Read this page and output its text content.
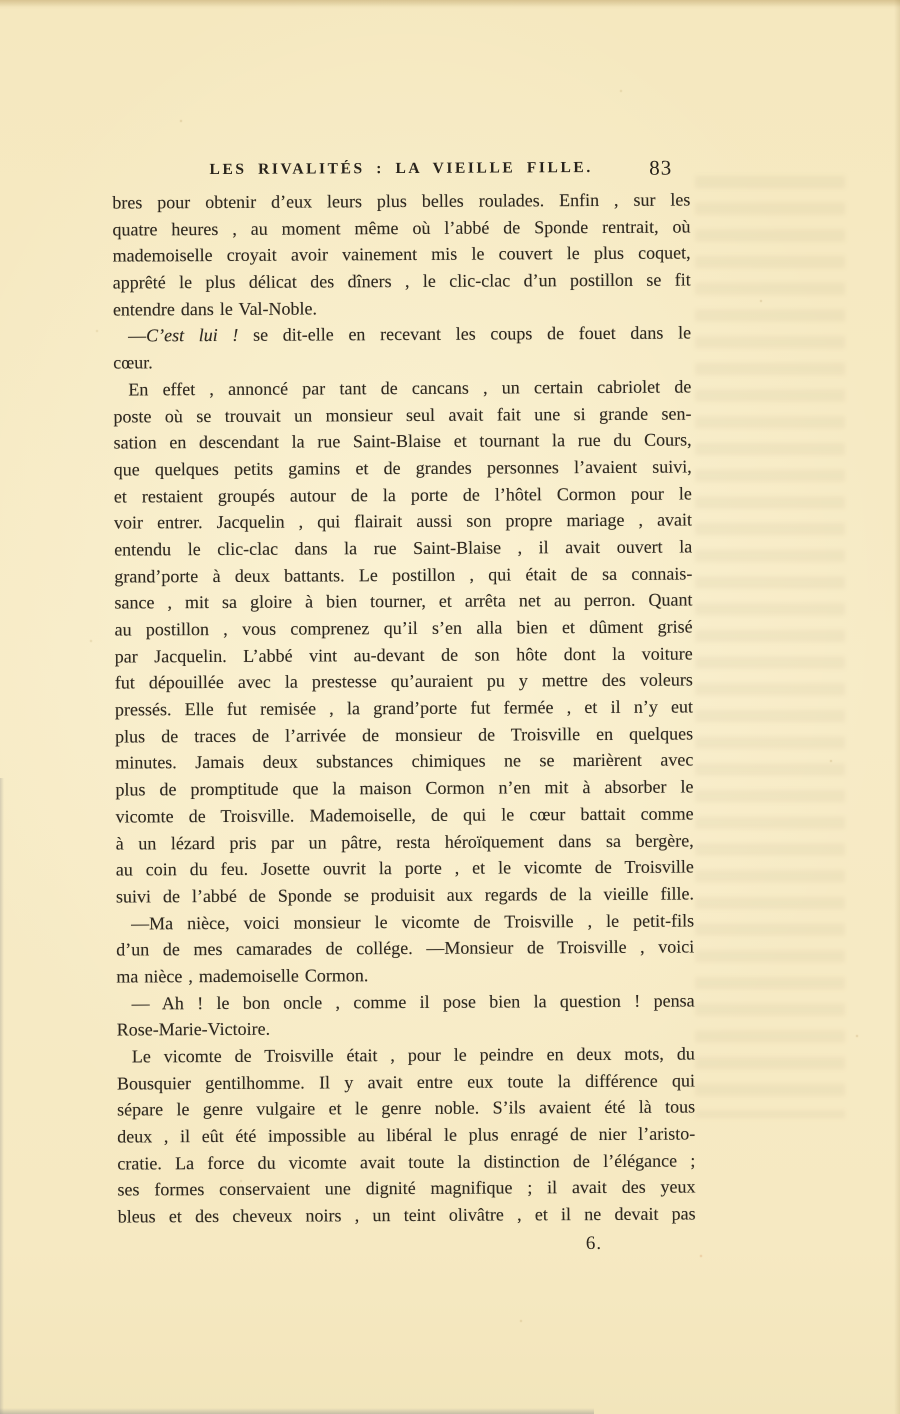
LES RIVALITÉS : LA VIEILLE FILLE.	83
bres pour obtenir d’eux leurs plus belles roulades. Enfin , sur les
quatre heures , au moment même où l’abbé de Sponde rentrait, où
mademoiselle croyait avoir vainement mis le couvert le plus coquet,
apprêté le plus délicat des dîners , le clic-clac d’un postillon se fit
entendre dans le Val-Noble.
—C’est lui ! se dit-elle en recevant les coups de fouet dans le
cœur.
En effet , annoncé par tant de cancans , un certain cabriolet de
poste où se trouvait un monsieur seul avait fait une si grande sen-
sation en descendant la rue Saint-Blaise et tournant la rue du Cours,
que quelques petits gamins et de grandes personnes l’avaient suivi,
et restaient groupés autour de la porte de l’hôtel Cormon pour le
voir entrer. Jacquelin , qui flairait aussi son propre mariage , avait
entendu le clic-clac dans la rue Saint-Blaise , il avait ouvert la
grand’porte à deux battants. Le postillon , qui était de sa connais-
sance , mit sa gloire à bien tourner, et arrêta net au perron. Quant
au postillon , vous comprenez qu’il s’en alla bien et dûment grisé
par Jacquelin. L’abbé vint au-devant de son hôte dont la voiture
fut dépouillée avec la prestesse qu’auraient pu y mettre des voleurs
pressés. Elle fut remisée , la grand’porte fut fermée , et il n’y eut
plus de traces de l’arrivée de monsieur de Troisville en quelques
minutes. Jamais deux substances chimiques ne se marièrent avec
plus de promptitude que la maison Cormon n’en mit à absorber le
vicomte de Troisville. Mademoiselle, de qui le cœur battait comme
à un lézard pris par un pâtre, resta héroïquement dans sa bergère,
au coin du feu. Josette ouvrit la porte , et le vicomte de Troisville
suivi de l’abbé de Sponde se produisit aux regards de la vieille fille.
—Ma nièce, voici monsieur le vicomte de Troisville , le petit-fils
d’un de mes camarades de collége. —Monsieur de Troisville , voici
ma nièce , mademoiselle Cormon.
— Ah ! le bon oncle , comme il pose bien la question ! pensa
Rose-Marie-Victoire.
Le vicomte de Troisville était , pour le peindre en deux mots, du
Bousquier gentilhomme. Il y avait entre eux toute la différence qui
sépare le genre vulgaire et le genre noble. S’ils avaient été là tous
deux , il eût été impossible au libéral le plus enragé de nier l’aristo-
cratie. La force du vicomte avait toute la distinction de l’élégance ;
ses formes conservaient une dignité magnifique ; il avait des yeux
bleus et des cheveux noirs , un teint olivâtre , et il ne devait pas
6.
